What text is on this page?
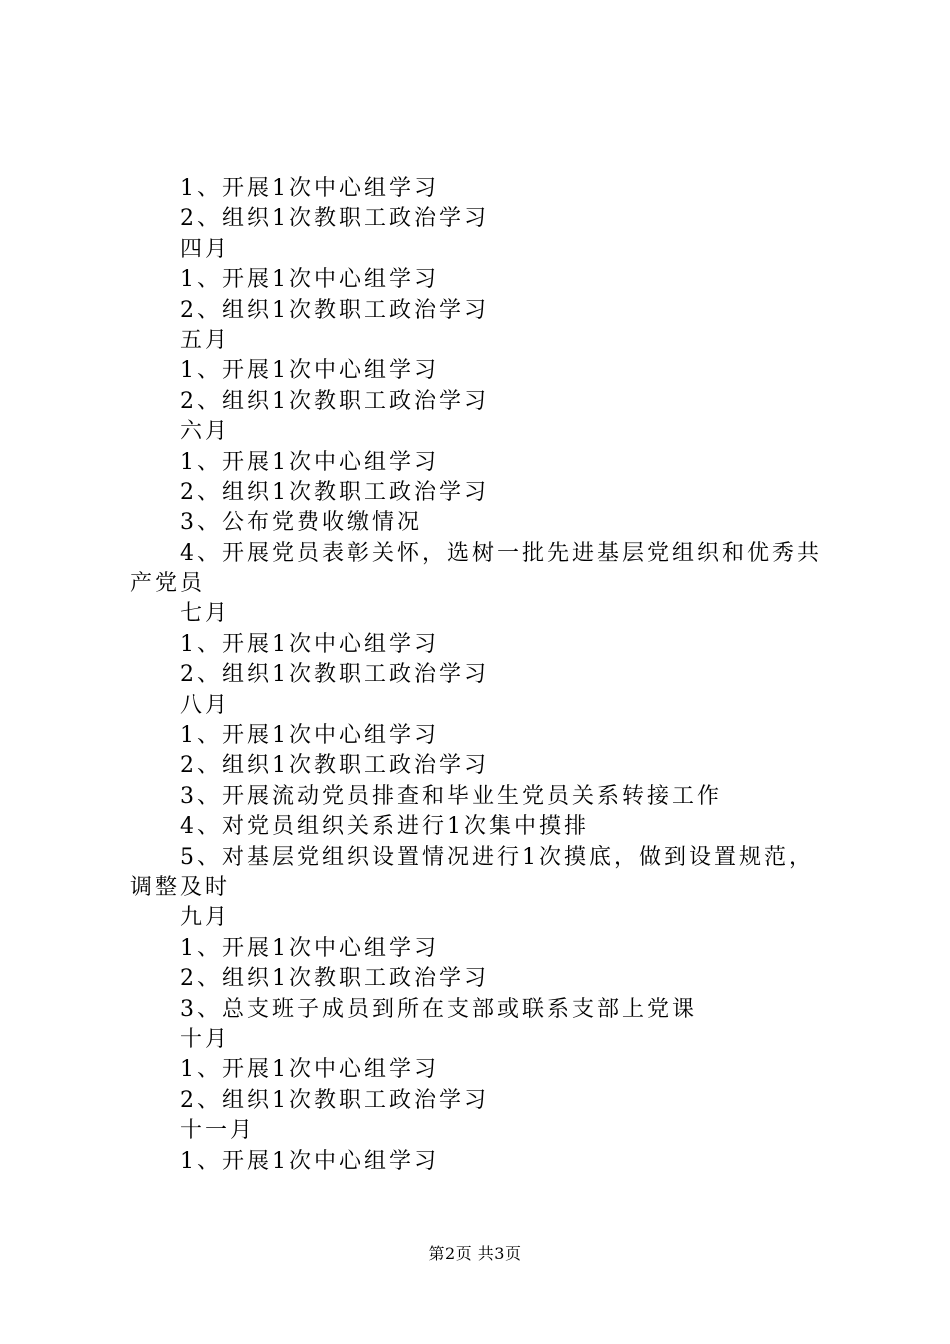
1、开展1次中心组学习
2、组织1次教职工政治学习
四月
1、开展1次中心组学习
2、组织1次教职工政治学习
五月
1、开展1次中心组学习
2、组织1次教职工政治学习
六月
1、开展1次中心组学习
2、组织1次教职工政治学习
3、公布党费收缴情况
4、开展党员表彰关怀，选树一批先进基层党组织和优秀共
产党员
七月
1、开展1次中心组学习
2、组织1次教职工政治学习
八月
1、开展1次中心组学习
2、组织1次教职工政治学习
3、开展流动党员排查和毕业生党员关系转接工作
4、对党员组织关系进行1次集中摸排
5、对基层党组织设置情况进行1次摸底，做到设置规范，
调整及时
九月
1、开展1次中心组学习
2、组织1次教职工政治学习
3、总支班子成员到所在支部或联系支部上党课
十月
1、开展1次中心组学习
2、组织1次教职工政治学习
十一月
1、开展1次中心组学习
第2页 共3页
